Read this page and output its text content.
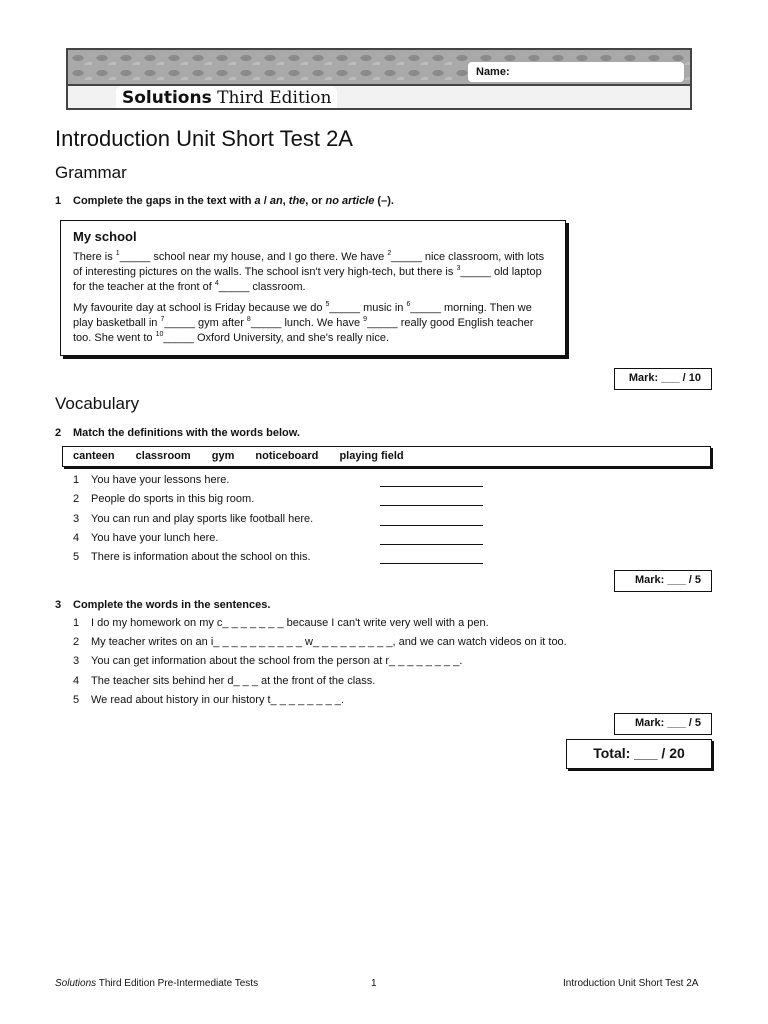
Solutions Third Edition
Name:
Introduction Unit Short Test 2A
Grammar
1 Complete the gaps in the text with a / an, the, or no article (–).
My school

There is $^1$_____ school near my house, and I go there. We have $^2$_____ nice classroom, with lots of interesting pictures on the walls. The school isn't very high-tech, but there is $^3$_____ old laptop for the teacher at the front of $^4$_____ classroom.

My favourite day at school is Friday because we do $^5$_____ music in $^6$_____ morning. Then we play basketball in $^7$_____ gym after $^8$_____ lunch. We have $^9$_____ really good English teacher too. She went to $^{10}$_____ Oxford University, and she's really nice.

Mark: ___ / 10
Vocabulary
2 Match the definitions with the words below.
canteen classroom gym noticeboard playing field
1 You have your lessons here.
2 People do sports in this big room.
3 You can run and play sports like football here.
4 You have your lunch here.
5 There is information about the school on this.
Mark: ___ / 5
3 Complete the words in the sentences.
1 I do my homework on my c_ _ _ _ _ _ _ because I can't write very well with a pen.
2 My teacher writes on an i_ _ _ _ _ _ _ _ _ _ w_ _ _ _ _ _ _ _ _, and we can watch videos on it too.
3 You can get information about the school from the person at r_ _ _ _ _ _ _ _.
4 The teacher sits behind her d_ _ _ at the front of the class.
5 We read about history in our history t_ _ _ _ _ _ _ _.
Mark: ___ / 5
Total: ___ / 20
Solutions Third Edition Pre-Intermediate Tests	1	Introduction Unit Short Test 2A
